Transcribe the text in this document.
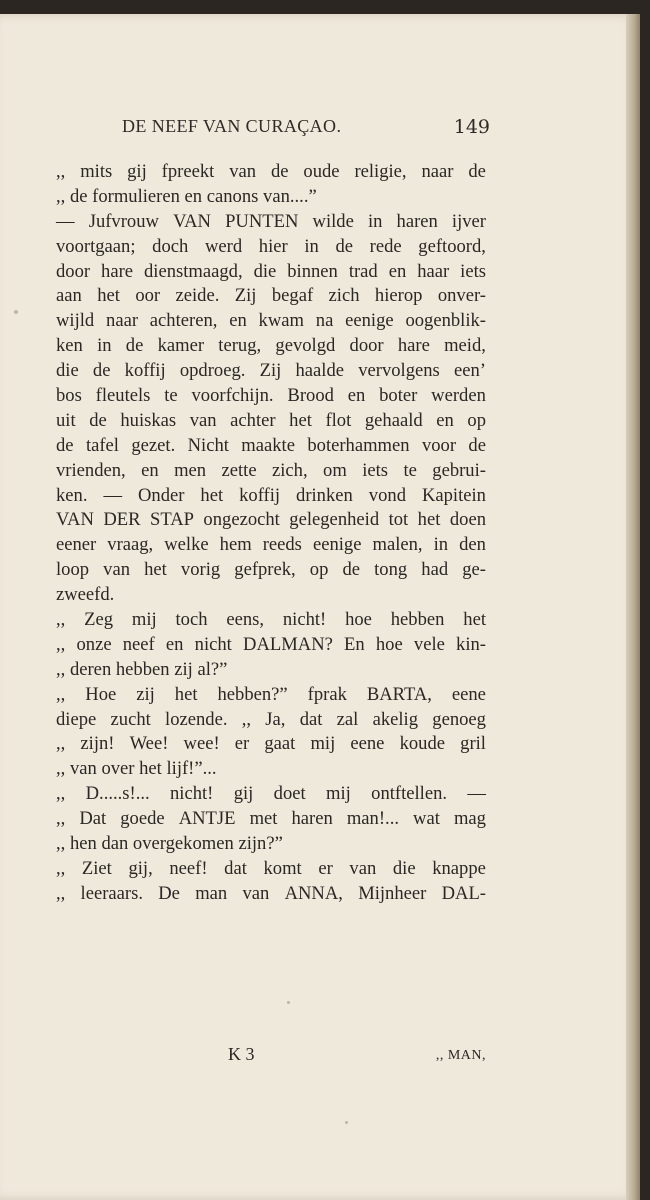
DE NEEF VAN CURAÇAO.	149
,, mits gij fpreekt van de oude religie, naar de
,, de formulieren en canons van....”
— Jufvrouw VAN PUNTEN wilde in haren ijver
voortgaan; doch werd hier in de rede geftoord,
door hare dienstmaagd, die binnen trad en haar iets
aan het oor zeide. Zij begaf zich hierop onver-
wijld naar achteren, en kwam na eenige oogenblik-
ken in de kamer terug, gevolgd door hare meid,
die de koffij opdroeg. Zij haalde vervolgens een’
bos fleutels te voorfchijn. Brood en boter werden
uit de huiskas van achter het flot gehaald en op
de tafel gezet. Nicht maakte boterhammen voor de
vrienden, en men zette zich, om iets te gebrui-
ken. — Onder het koffij drinken vond Kapitein
VAN DER STAP ongezocht gelegenheid tot het doen
eener vraag, welke hem reeds eenige malen, in den
loop van het vorig gefprek, op de tong had ge-
zweefd.
,, Zeg mij toch eens, nicht! hoe hebben het
,, onze neef en nicht DALMAN? En hoe vele kin-
,, deren hebben zij al?”
,, Hoe zij het hebben?” fprak BARTA, eene
diepe zucht lozende. ,, Ja, dat zal akelig genoeg
,, zijn! Wee! wee! er gaat mij eene koude gril
,, van over het lijf!”...
,, D.....s!... nicht! gij doet mij ontftellen. —
,, Dat goede ANTJE met haren man!... wat mag
,, hen dan overgekomen zijn?”
,, Ziet gij, neef! dat komt er van die knappe
,, leeraars. De man van ANNA, Mijnheer DAL-
K 3	,, MAN,
